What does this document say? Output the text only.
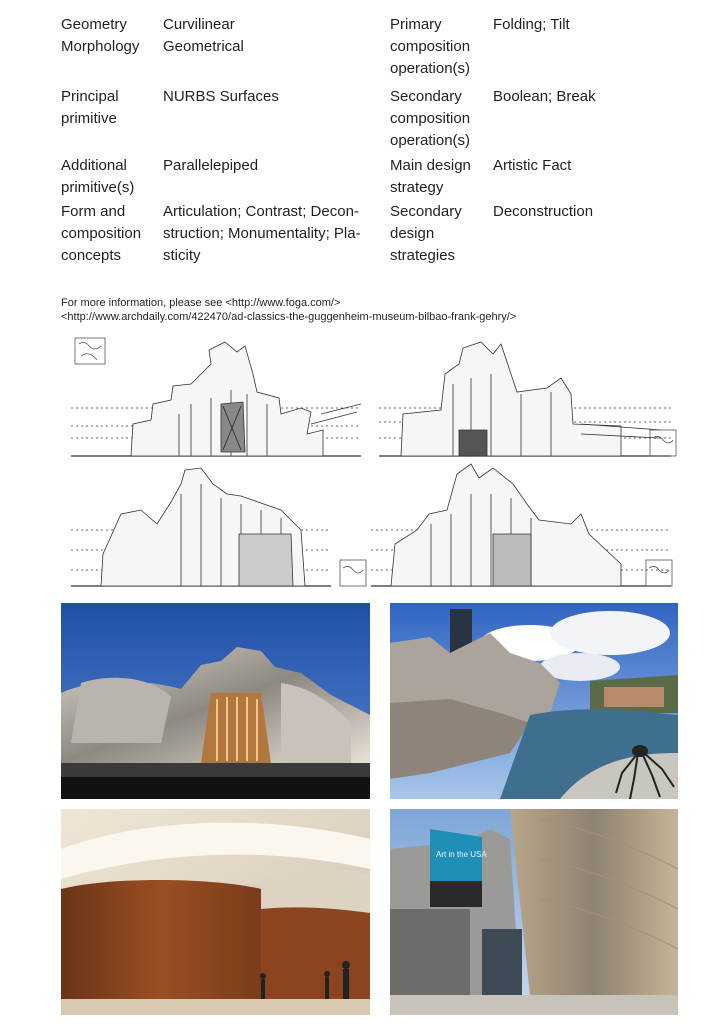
Geometry
Morphology
Curvilinear
Geometrical
Primary
composition
operation(s)
Folding; Tilt
Principal
primitive
NURBS Surfaces	Secondary
composition
operation(s)
Boolean; Break
Additional
primitive(s)
Parallelepiped	Main design
strategy
Artistic Fact
Form and
composition
concepts
Articulation; Contrast; Decon-
struction; Monumentality; Pla-
sticity
Secondary
design
strategies
Deconstruction
For more information, please see <http://www.foga.com/>
<http://www.archdaily.com/422470/ad-classics-the-guggenheim-museum-bilbao-frank-gehry/>
Art in the USA
